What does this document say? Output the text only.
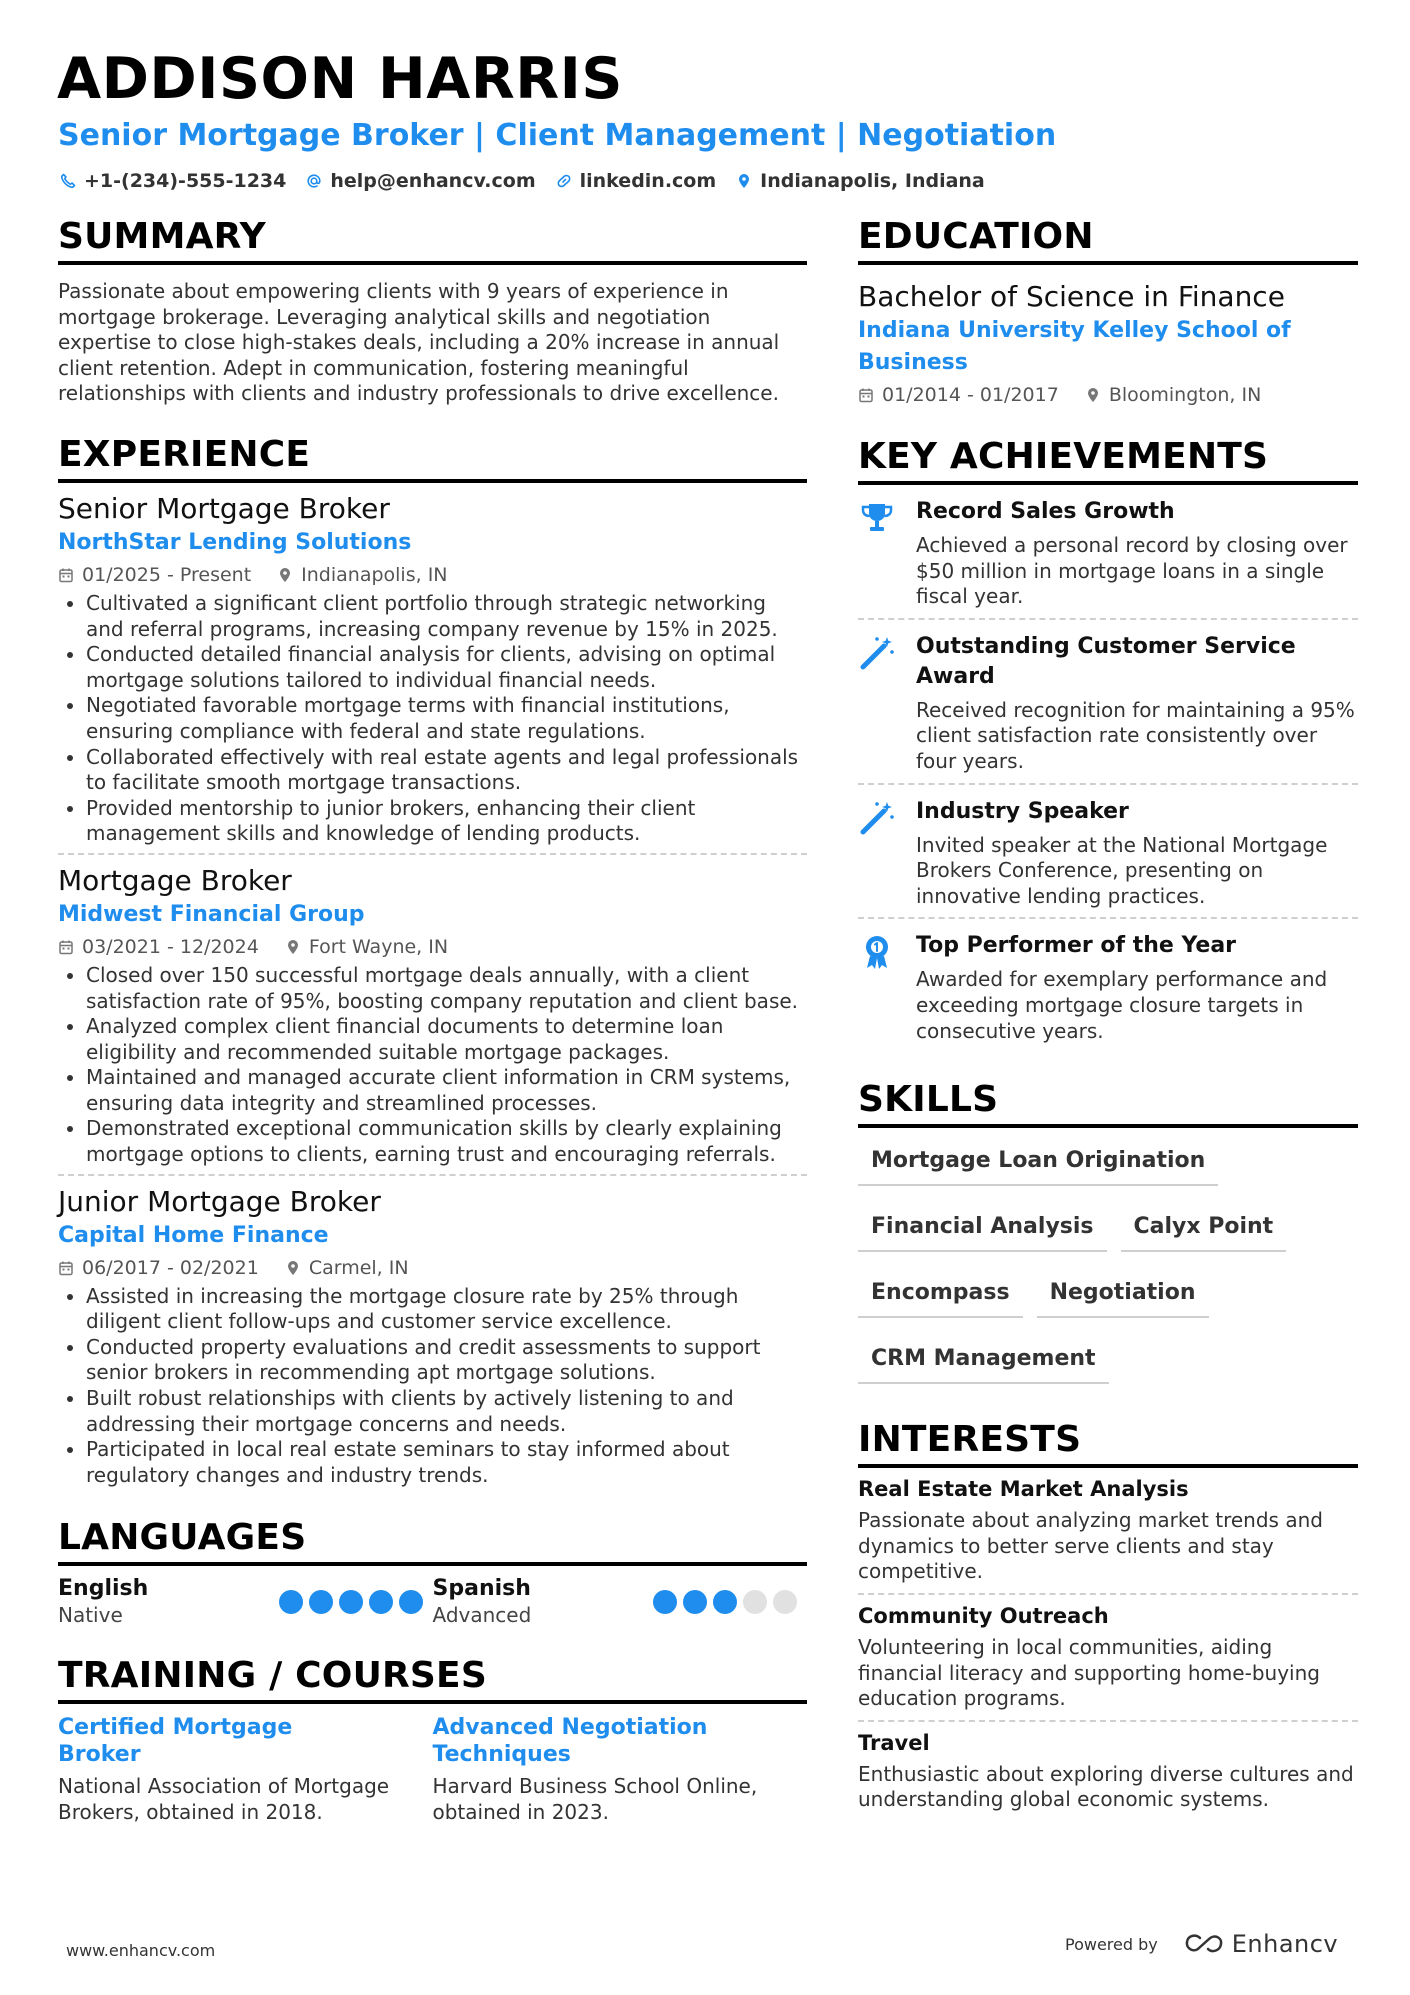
ADDISON HARRIS
Senior Mortgage Broker | Client Management | Negotiation
+1-(234)-555-1234 help@enhancv.com linkedin.com Indianapolis, Indiana
SUMMARY
Passionate about empowering clients with 9 years of experience in mortgage brokerage. Leveraging analytical skills and negotiation expertise to close high-stakes deals, including a 20% increase in annual client retention. Adept in communication, fostering meaningful relationships with clients and industry professionals to drive excellence.
EXPERIENCE
Senior Mortgage Broker
NorthStar Lending Solutions
01/2025 - Present	Indianapolis, IN
• Cultivated a significant client portfolio through strategic networking and referral programs, increasing company revenue by 15% in 2025.
• Conducted detailed financial analysis for clients, advising on optimal mortgage solutions tailored to individual financial needs.
• Negotiated favorable mortgage terms with financial institutions, ensuring compliance with federal and state regulations.
• Collaborated effectively with real estate agents and legal professionals to facilitate smooth mortgage transactions.
• Provided mentorship to junior brokers, enhancing their client management skills and knowledge of lending products.
Mortgage Broker
Midwest Financial Group
03/2021 - 12/2024	Fort Wayne, IN
• Closed over 150 successful mortgage deals annually, with a client satisfaction rate of 95%, boosting company reputation and client base.
• Analyzed complex client financial documents to determine loan eligibility and recommended suitable mortgage packages.
• Maintained and managed accurate client information in CRM systems, ensuring data integrity and streamlined processes.
• Demonstrated exceptional communication skills by clearly explaining mortgage options to clients, earning trust and encouraging referrals.
Junior Mortgage Broker
Capital Home Finance
06/2017 - 02/2021	Carmel, IN
• Assisted in increasing the mortgage closure rate by 25% through diligent client follow-ups and customer service excellence.
• Conducted property evaluations and credit assessments to support senior brokers in recommending apt mortgage solutions.
• Built robust relationships with clients by actively listening to and addressing their mortgage concerns and needs.
• Participated in local real estate seminars to stay informed about regulatory changes and industry trends.
LANGUAGES
English
Native
Spanish
Advanced
TRAINING / COURSES
Certified Mortgage Broker
National Association of Mortgage Brokers, obtained in 2018.
Advanced Negotiation Techniques
Harvard Business School Online, obtained in 2023.
EDUCATION
Bachelor of Science in Finance
Indiana University Kelley School of Business
01/2014 - 01/2017	Bloomington, IN
KEY ACHIEVEMENTS
Record Sales Growth
Achieved a personal record by closing over $50 million in mortgage loans in a single fiscal year.
Outstanding Customer Service Award
Received recognition for maintaining a 95% client satisfaction rate consistently over four years.
Industry Speaker
Invited speaker at the National Mortgage Brokers Conference, presenting on innovative lending practices.
Top Performer of the Year
Awarded for exemplary performance and exceeding mortgage closure targets in consecutive years.
SKILLS
Mortgage Loan Origination
Financial Analysis	Calyx Point
Encompass	Negotiation
CRM Management
INTERESTS
Real Estate Market Analysis
Passionate about analyzing market trends and dynamics to better serve clients and stay competitive.
Community Outreach
Volunteering in local communities, aiding financial literacy and supporting home-buying education programs.
Travel
Enthusiastic about exploring diverse cultures and understanding global economic systems.
www.enhancv.com	Powered by	Enhancv
